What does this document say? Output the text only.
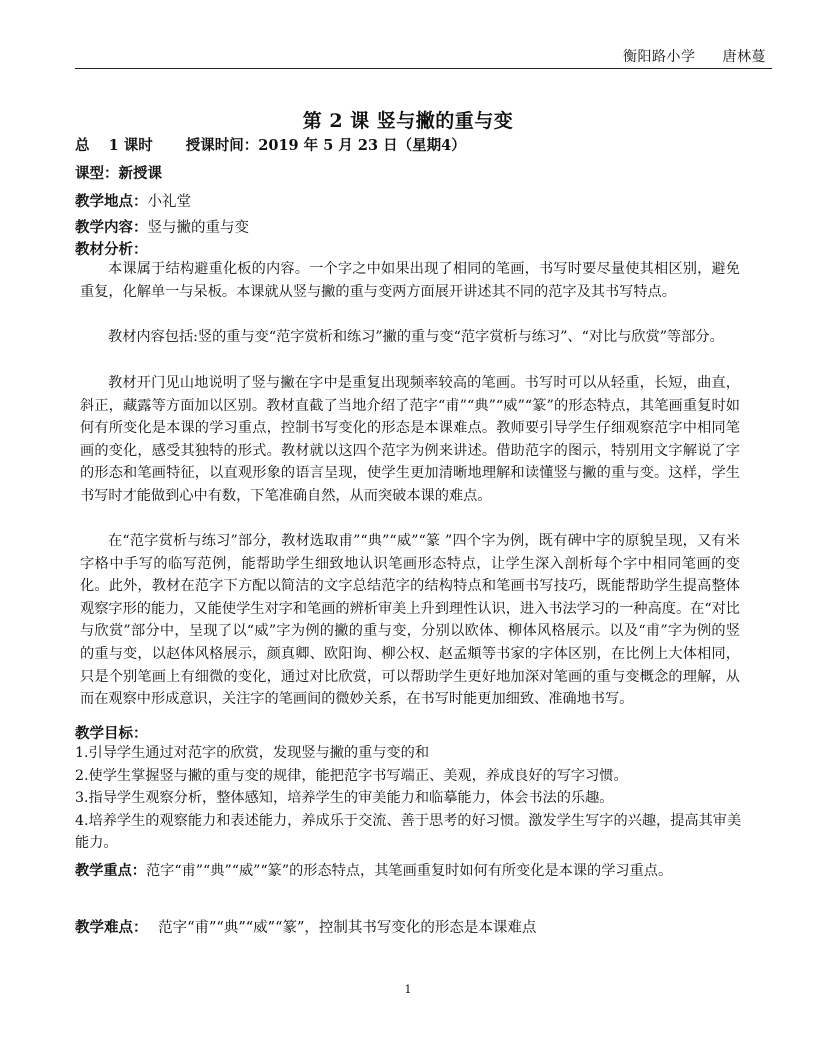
衡阳路小学 唐林蔓
第 2 课 竖与撇的重与变
总 1 课时 授课时间：2019 年 5 月 23 日（星期4）
课型：新授课
教学地点：小礼堂
教学内容：竖与撇的重与变
教材分析：

本课属于结构避重化板的内容。一个字之中如果出现了相同的笔画，书写时要尽量使其相区别，避免重复，化解单一与呆板。本课就从竖与撇的重与变两方面展开讲述其不同的范字及其书写特点。

教材内容包括:竖的重与变“范字赏析和练习”撇的重与变“范字赏析与练习”、“对比与欣赏”等部分。

教材开门见山地说明了竖与撇在字中是重复出现频率较高的笔画。书写时可以从轻重，长短，曲直，斜正，藏露等方面加以区别。教材直截了当地介绍了范字“甫”“典”“威”“篆”的形态特点，其笔画重复时如何有所变化是本课的学习重点，控制书写变化的形态是本课难点。教师要引导学生仔细观察范字中相同笔画的变化，感受其独特的形式。教材就以这四个范字为例来讲述。借助范字的图示，特别用文字解说了字的形态和笔画特征，以直观形象的语言呈现，使学生更加清晰地理解和读懂竖与撇的重与变。这样，学生书写时才能做到心中有数，下笔准确自然，从而突破本课的难点。

在“范字赏析与练习”部分，教材选取甫”“典”“威”“篆 ”四个字为例，既有碑中字的原貌呈现，又有米字格中手写的临写范例，能帮助学生细致地认识笔画形态特点，让学生深入剖析每个字中相同笔画的变化。此外，教材在范字下方配以简洁的文字总结范字的结构特点和笔画书写技巧，既能帮助学生提高整体观察字形的能力，又能使学生对字和笔画的辨析审美上升到理性认识，进入书法学习的一种高度。在“对比与欣赏”部分中，呈现了以“威”字为例的撇的重与变，分别以欧体、柳体风格展示。以及“甫”字为例的竖的重与变，以赵体风格展示，颜真卿、欧阳询、柳公权、赵孟頫等书家的字体区别，在比例上大体相同，只是个别笔画上有细微的变化，通过对比欣赏，可以帮助学生更好地加深对笔画的重与变概念的理解，从而在观察中形成意识，关注字的笔画间的微妙关系，在书写时能更加细致、准确地书写。

教学目标：
1.引导学生通过对范字的欣赏，发现竖与撇的重与变的和
2.使学生掌握竖与撇的重与变的规律，能把范字书写端正、美观，养成良好的写字习惯。
3.指导学生观察分析，整体感知，培养学生的审美能力和临摹能力，体会书法的乐趣。
4.培养学生的观察能力和表述能力，养成乐于交流、善于思考的好习惯。激发学生写字的兴趣，提高其审美能力。
教学重点：范字“甫”“典”“威”“篆”的形态特点，其笔画重复时如何有所变化是本课的学习重点。
教学难点： 范字“甫”“典”“威”“篆”，控制其书写变化的形态是本课难点
1
